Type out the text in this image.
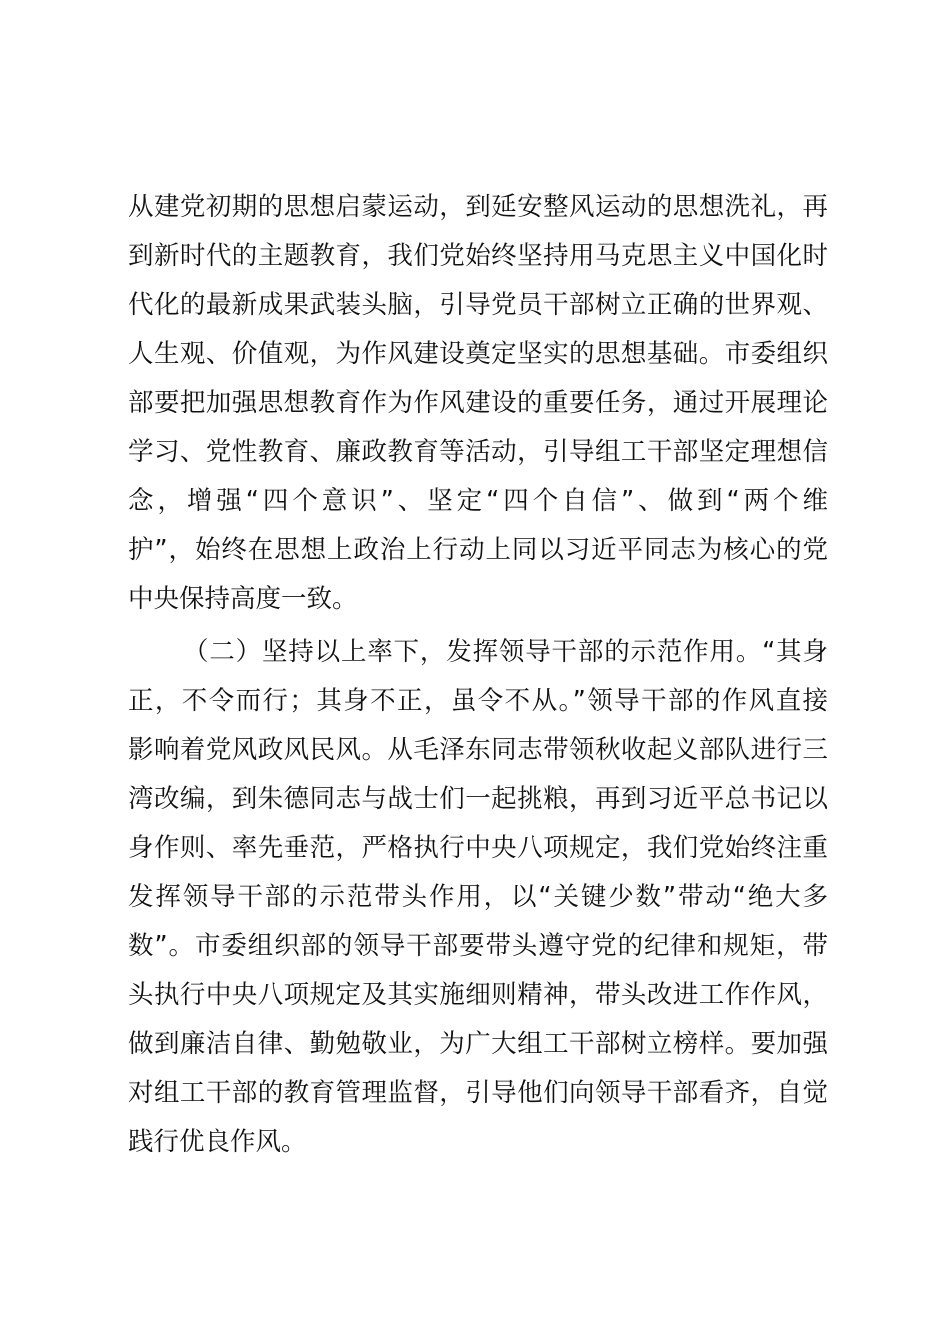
从建党初期的思想启蒙运动，到延安整风运动的思想洗礼，再
到新时代的主题教育，我们党始终坚持用马克思主义中国化时
代化的最新成果武装头脑，引导党员干部树立正确的世界观、
人生观、价值观，为作风建设奠定坚实的思想基础。市委组织
部要把加强思想教育作为作风建设的重要任务，通过开展理论
学习、党性教育、廉政教育等活动，引导组工干部坚定理想信
念，增强“四个意识”、坚定“四个自信”、做到“两个维
护”，始终在思想上政治上行动上同以习近平同志为核心的党
中央保持高度一致。
（二）坚持以上率下，发挥领导干部的示范作用。“其身
正，不令而行；其身不正，虽令不从。”领导干部的作风直接
影响着党风政风民风。从毛泽东同志带领秋收起义部队进行三
湾改编，到朱德同志与战士们一起挑粮，再到习近平总书记以
身作则、率先垂范，严格执行中央八项规定，我们党始终注重
发挥领导干部的示范带头作用，以“关键少数”带动“绝大多
数”。市委组织部的领导干部要带头遵守党的纪律和规矩，带
头执行中央八项规定及其实施细则精神，带头改进工作作风，
做到廉洁自律、勤勉敬业，为广大组工干部树立榜样。要加强
对组工干部的教育管理监督，引导他们向领导干部看齐，自觉
践行优良作风。
